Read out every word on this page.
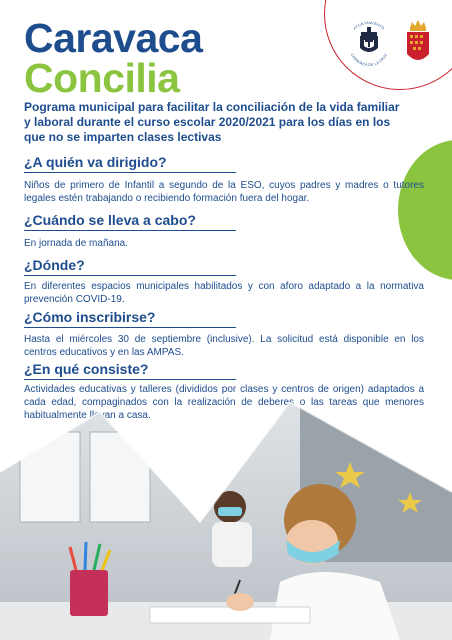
AYUNTAMIENTO
CARAVACA DE LA CRUZ
Caravaca
Concilia

Pograma municipal para facilitar la conciliación de la vida familiar y laboral durante el curso escolar 2020/2021 para los días en los que no se imparten clases lectivas

¿A quién va dirigido?

Niños de primero de Infantil a segundo de la ESO, cuyos padres y madres o tutores legales estén trabajando o recibiendo formación fuera del hogar.

¿Cuándo se lleva a cabo?

En jornada de mañana.

¿Dónde?

En diferentes espacios municipales habilitados y con aforo adaptado a la normativa prevención COVID-19.

¿Cómo inscribirse?

Hasta el miércoles 30 de septiembre (inclusive). La solicitud está disponible en los centros educativos y en las AMPAS.

¿En qué consiste?

Actividades educativas y talleres (divididos por clases y centros de origen) adaptados a cada edad, compaginados con la realización de deberes o las tareas que menores habitualmente llevan a casa.
